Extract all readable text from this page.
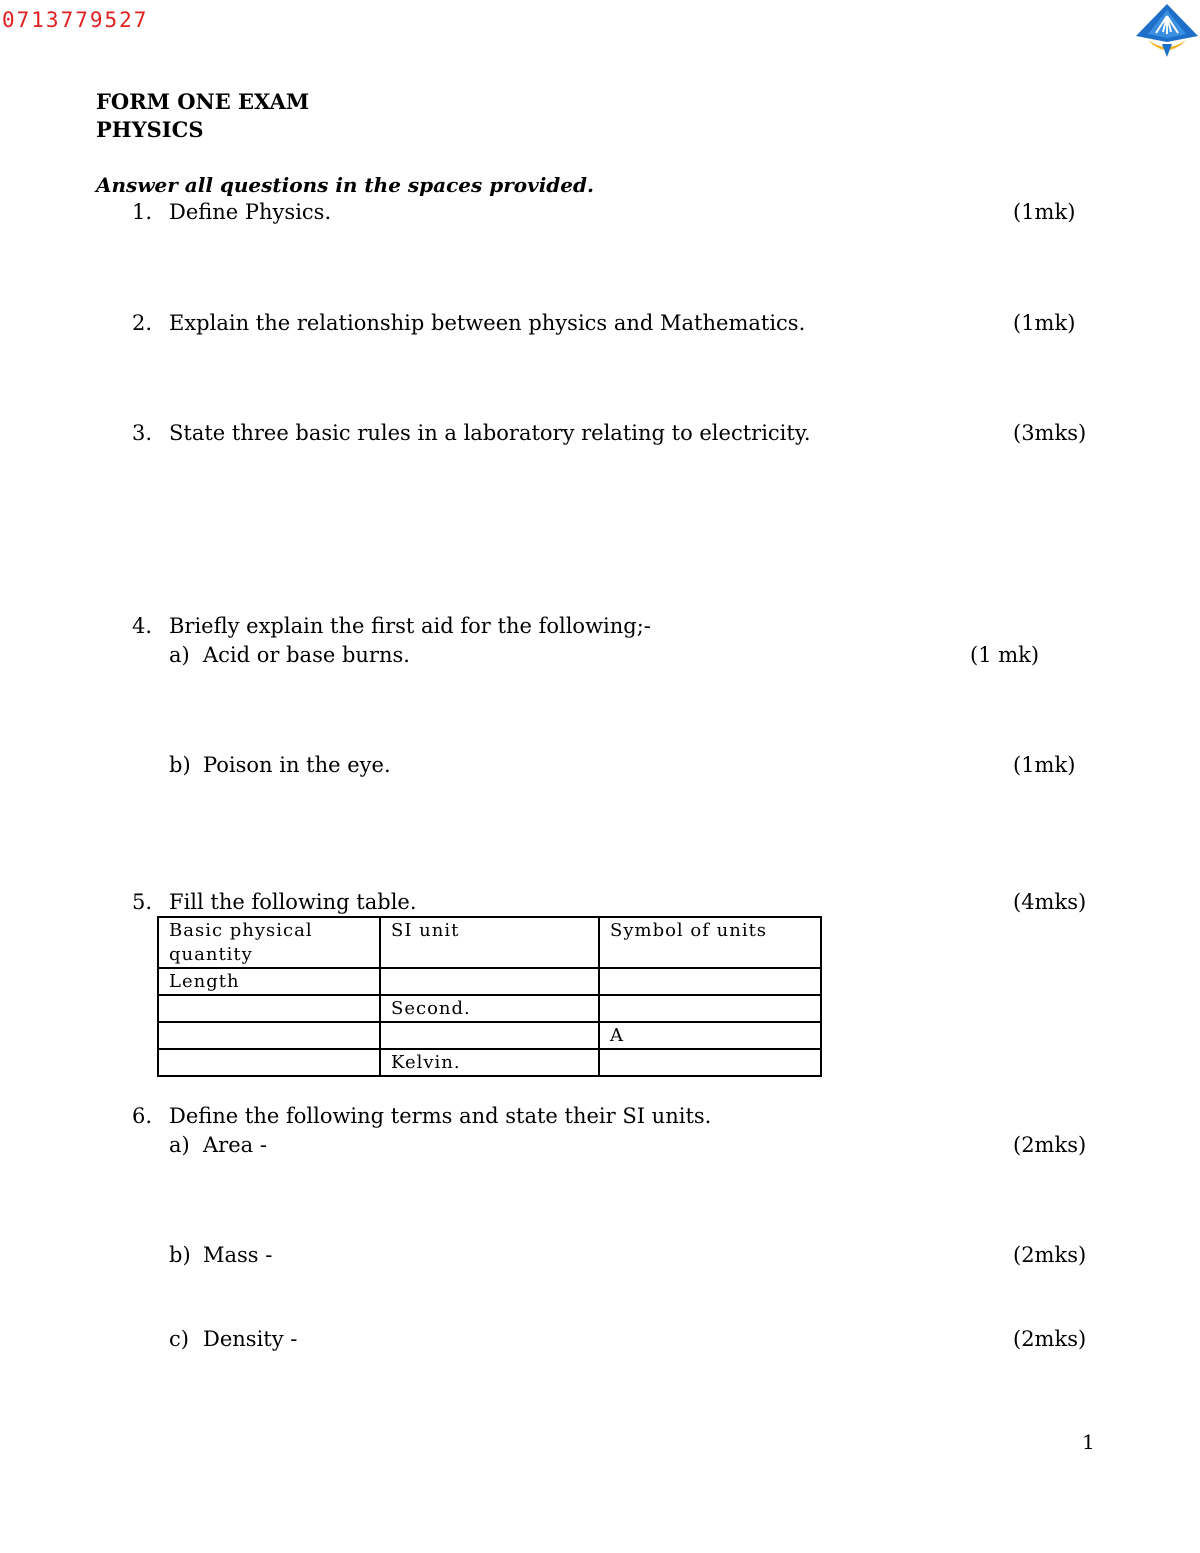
0713779527
FORM ONE EXAM
PHYSICS
Answer all questions in the spaces provided.
1. Define Physics.	(1mk)
2. Explain the relationship between physics and Mathematics.	(1mk)
3. State three basic rules in a laboratory relating to electricity.	(3mks)
4. Briefly explain the first aid for the following;-
a) Acid or base burns.	(1 mk)
b) Poison in the eye.	(1mk)
5. Fill the following table.	(4mks)
Basic physical quantity	SI unit	Symbol of units
Length		
	Second.	
		A
	Kelvin.	
6. Define the following terms and state their SI units.
a) Area -	(2mks)
b) Mass -	(2mks)
c) Density -	(2mks)
1
